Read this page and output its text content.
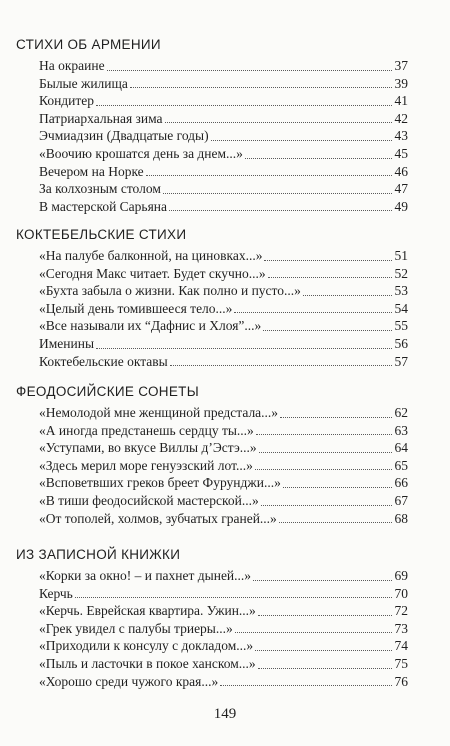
СТИХИ ОБ АРМЕНИИ
На окраине	37
Былые жилища	39
Кондитер	41
Патриархальная зима	42
Эчмиадзин (Двадцатые годы)	43
«Воочию крошатся день за днем...»	45
Вечером на Норке	46
За колхозным столом	47
В мастерской Сарьяна	49
КОКТЕБЕЛЬСКИЕ СТИХИ
«На палубе балконной, на циновках...»	51
«Сегодня Макс читает. Будет скучно...»	52
«Бухта забыла о жизни. Как полно и пусто...»	53
«Целый день томившееся тело...»	54
«Все называли их “Дафнис и Хлоя”...»	55
Именины	56
Коктебельские октавы	57
ФЕОДОСИЙСКИЕ СОНЕТЫ
«Немолодой мне женщиной предстала...»	62
«А иногда предстанешь сердцу ты...»	63
«Уступами, во вкусе Виллы д’Эстэ...»	64
«Здесь мерил море генуэзский лот...»	65
«Всповетвших греков бреет Фурунджи...»	66
«В тиши феодосийской мастерской...»	67
«От тополей, холмов, зубчатых граней...»	68
ИЗ ЗАПИСНОЙ КНИЖКИ
«Корки за окно! – и пахнет дыней...»	69
Керчь	70
«Керчь. Еврейская квартира. Ужин...»	72
«Грек увидел с палубы триеры...»	73
«Приходили к консулу с докладом...»	74
«Пыль и ласточки в покое ханском...»	75
«Хорошо среди чужого края...»	76
149
